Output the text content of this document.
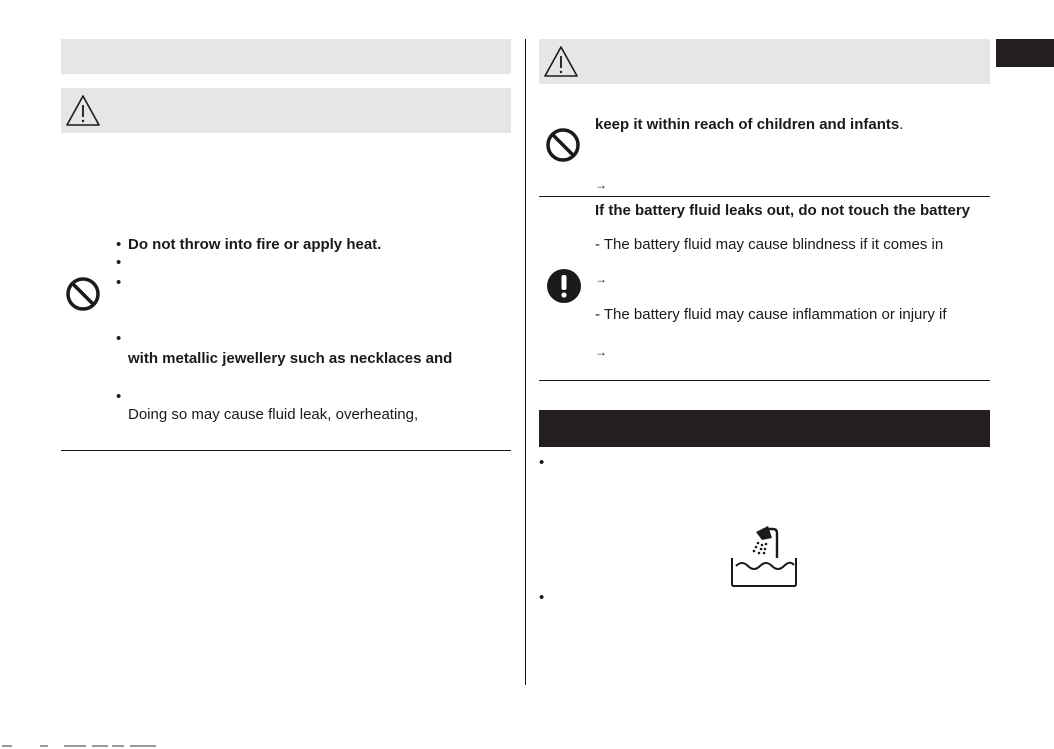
• Do not throw into fire or apply heat.
•
•
•
with metallic jewellery such as necklaces and
•
Doing so may cause fluid leak, overheating,
keep it within reach of children and infants.
→
If the battery fluid leaks out, do not touch the battery
- The battery fluid may cause blindness if it comes in
→
- The battery fluid may cause inflammation or injury if
→
•
•
